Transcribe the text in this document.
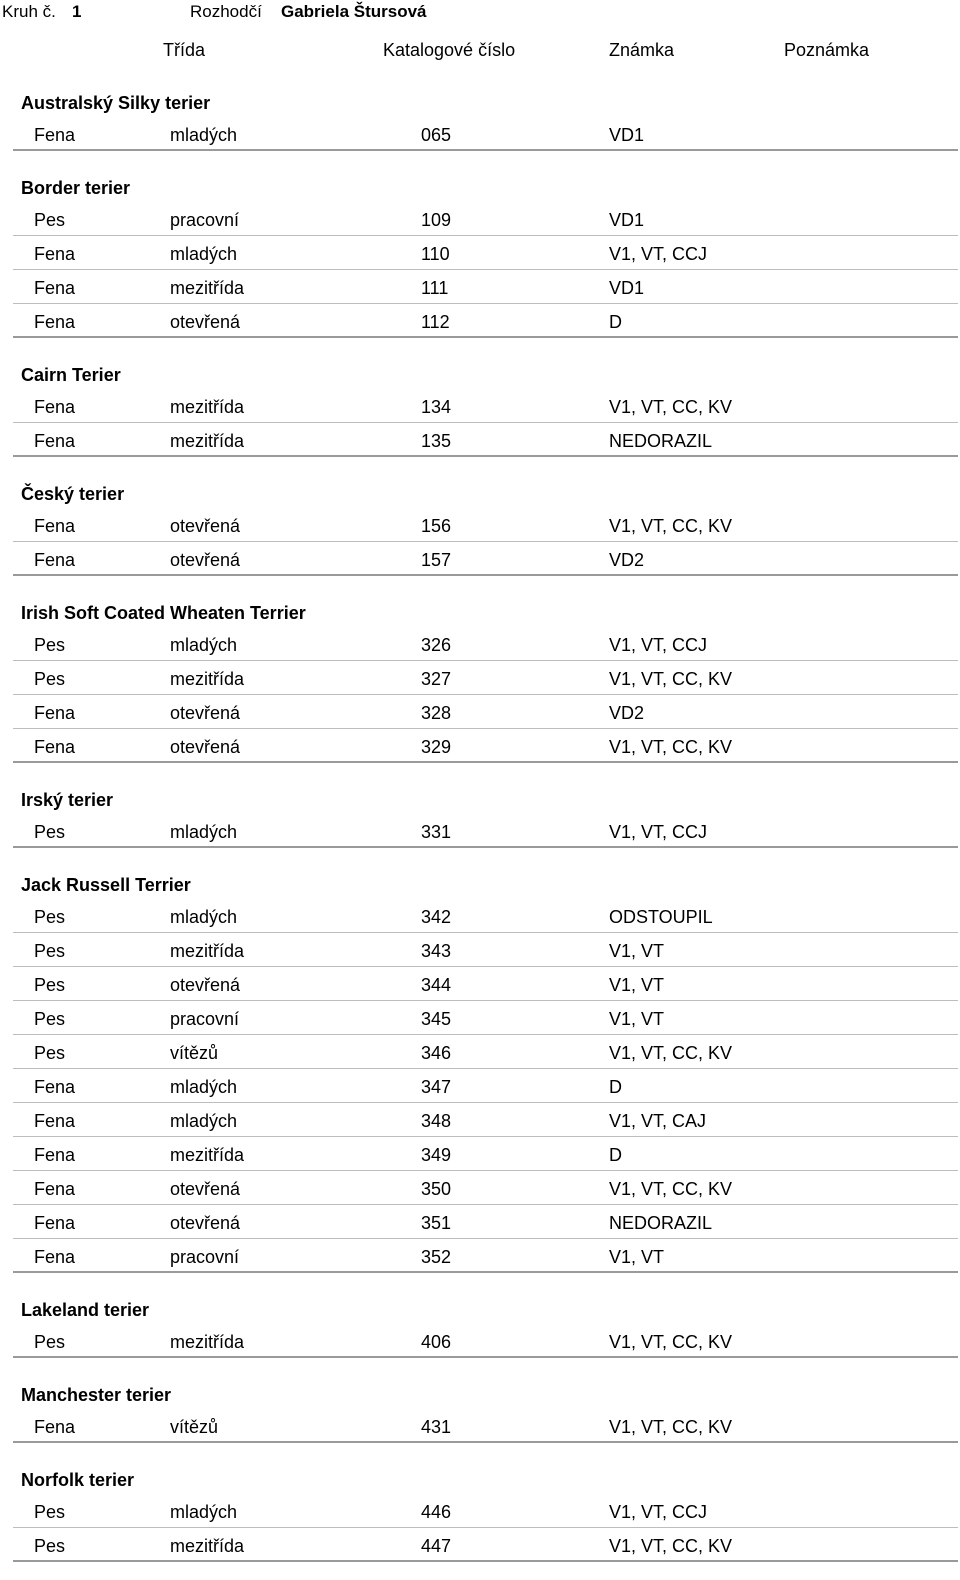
Kruh č. 1	Rozhodčí Gabriela Štursová
Třída	Katalogové číslo	Známka	Poznámka
Australský Silky terier
Fena	mladých	065	VD1
Border terier
Pes	pracovní	109	VD1
Fena	mladých	110	V1, VT, CCJ
Fena	mezitřída	111	VD1
Fena	otevřená	112	D
Cairn Terier
Fena	mezitřída	134	V1, VT, CC, KV
Fena	mezitřída	135	NEDORAZIL
Český terier
Fena	otevřená	156	V1, VT, CC, KV
Fena	otevřená	157	VD2
Irish Soft Coated Wheaten Terrier
Pes	mladých	326	V1, VT, CCJ
Pes	mezitřída	327	V1, VT, CC, KV
Fena	otevřená	328	VD2
Fena	otevřená	329	V1, VT, CC, KV
Irský terier
Pes	mladých	331	V1, VT, CCJ
Jack Russell Terrier
Pes	mladých	342	ODSTOUPIL
Pes	mezitřída	343	V1, VT
Pes	otevřená	344	V1, VT
Pes	pracovní	345	V1, VT
Pes	vítězů	346	V1, VT, CC, KV
Fena	mladých	347	D
Fena	mladých	348	V1, VT, CAJ
Fena	mezitřída	349	D
Fena	otevřená	350	V1, VT, CC, KV
Fena	otevřená	351	NEDORAZIL
Fena	pracovní	352	V1, VT
Lakeland terier
Pes	mezitřída	406	V1, VT, CC, KV
Manchester terier
Fena	vítězů	431	V1, VT, CC, KV
Norfolk terier
Pes	mladých	446	V1, VT, CCJ
Pes	mezitřída	447	V1, VT, CC, KV
